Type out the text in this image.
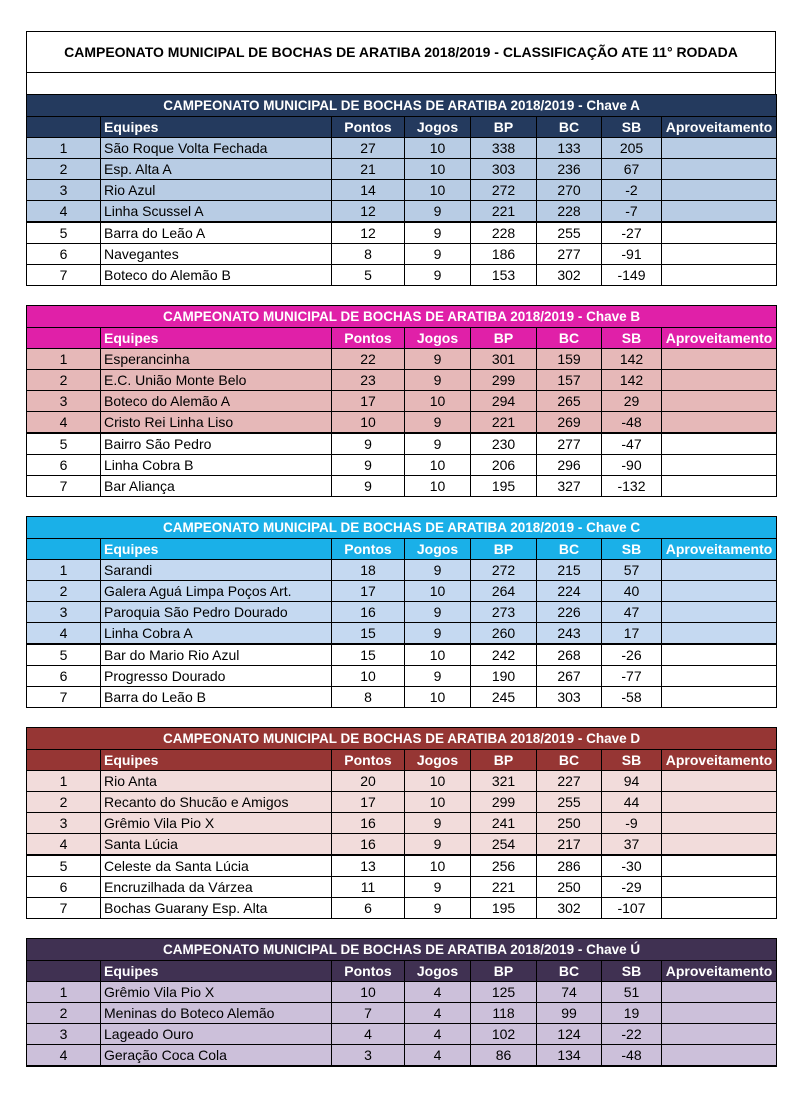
CAMPEONATO MUNICIPAL DE BOCHAS DE ARATIBA 2018/2019 - CLASSIFICAÇÃO ATE 11° RODADA
CAMPEONATO MUNICIPAL DE BOCHAS DE ARATIBA 2018/2019 - Chave A							
	Equipes	Pontos	Jogos	BP	BC	SB	Aproveitamento
1	São Roque Volta Fechada	27	10	338	133	205	
2	Esp. Alta A	21	10	303	236	67	
3	Rio Azul	14	10	272	270	-2	
4	Linha Scussel A	12	9	221	228	-7	
5	Barra do Leão A	12	9	228	255	-27	
6	Navegantes	8	9	186	277	-91	
7	Boteco do Alemão B	5	9	153	302	-149	
CAMPEONATO MUNICIPAL DE BOCHAS DE ARATIBA 2018/2019 - Chave B							
	Equipes	Pontos	Jogos	BP	BC	SB	Aproveitamento
1	Esperancinha	22	9	301	159	142	
2	E.C. União Monte Belo	23	9	299	157	142	
3	Boteco do Alemão A	17	10	294	265	29	
4	Cristo Rei Linha Liso	10	9	221	269	-48	
5	Bairro São Pedro	9	9	230	277	-47	
6	Linha Cobra B	9	10	206	296	-90	
7	Bar Aliança	9	10	195	327	-132	
CAMPEONATO MUNICIPAL DE BOCHAS DE ARATIBA 2018/2019 - Chave C							
	Equipes	Pontos	Jogos	BP	BC	SB	Aproveitamento
1	Sarandi	18	9	272	215	57	
2	Galera Aguá Limpa Poços Art.	17	10	264	224	40	
3	Paroquia São Pedro Dourado	16	9	273	226	47	
4	Linha Cobra A	15	9	260	243	17	
5	Bar do Mario Rio Azul	15	10	242	268	-26	
6	Progresso Dourado	10	9	190	267	-77	
7	Barra do Leão B	8	10	245	303	-58	
CAMPEONATO MUNICIPAL DE BOCHAS DE ARATIBA 2018/2019 - Chave D							
	Equipes	Pontos	Jogos	BP	BC	SB	Aproveitamento
1	Rio Anta	20	10	321	227	94	
2	Recanto do Shucão e Amigos	17	10	299	255	44	
3	Grêmio Vila Pio X	16	9	241	250	-9	
4	Santa Lúcia	16	9	254	217	37	
5	Celeste da Santa Lúcia	13	10	256	286	-30	
6	Encruzilhada da Várzea	11	9	221	250	-29	
7	Bochas Guarany Esp. Alta	6	9	195	302	-107	
CAMPEONATO MUNICIPAL DE BOCHAS DE ARATIBA 2018/2019 - Chave Ú							
	Equipes	Pontos	Jogos	BP	BC	SB	Aproveitamento
1	Grêmio Vila Pio X	10	4	125	74	51	
2	Meninas do Boteco Alemão	7	4	118	99	19	
3	Lageado Ouro	4	4	102	124	-22	
4	Geração Coca Cola	3	4	86	134	-48	
